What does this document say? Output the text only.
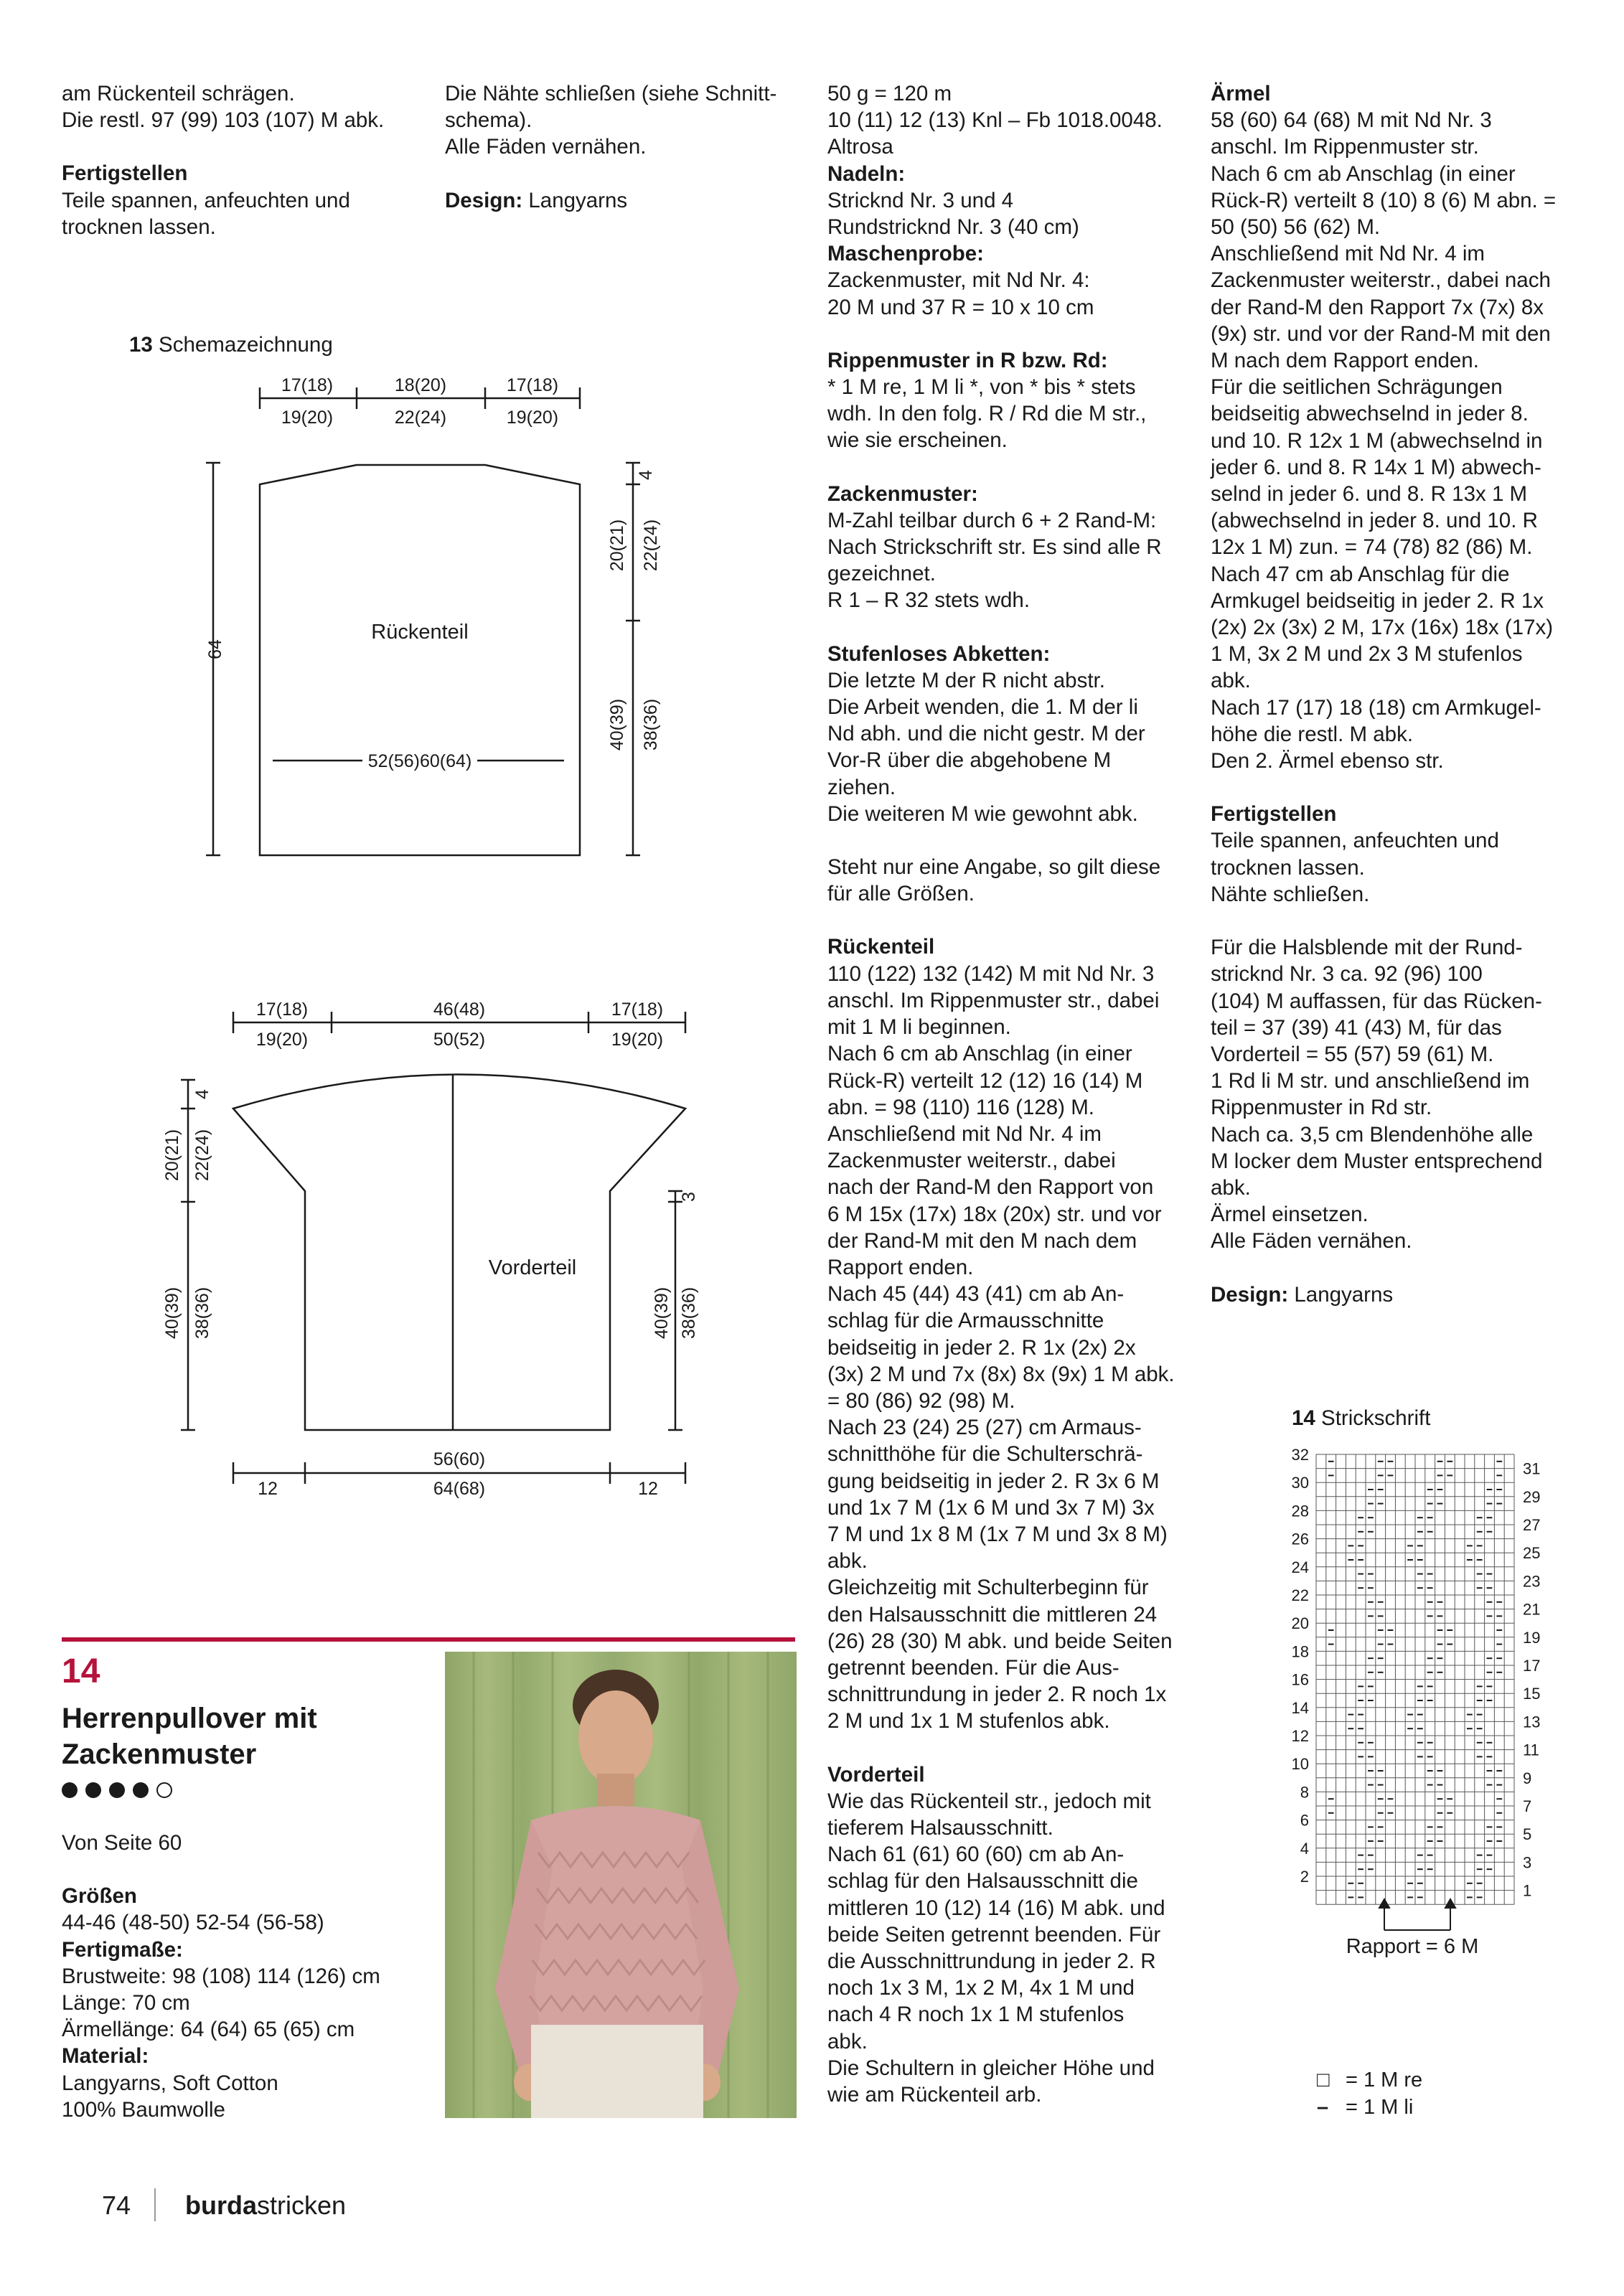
am Rückenteil schrägen.
Die restl. 97 (99) 103 (107) M abk.

Fertigstellen

Teile spannen, anfeuchten und
trocknen lassen.

Die Nähte schließen (siehe Schnitt-
schema).
Alle Fäden vernähen.

Design: Langyarns

50 g = 120 m
10 (11) 12 (13) Knl – Fb 1018.0048.
Altrosa

Nadeln:

Stricknd Nr. 3 und 4
Rundstricknd Nr. 3 (40 cm)

Maschenprobe:

Zackenmuster, mit Nd Nr. 4:
20 M und 37 R = 10 x 10 cm

Rippenmuster in R bzw. Rd:

* 1 M re, 1 M li *, von * bis * stets
wdh. In den folg. R / Rd die M str.,
wie sie erscheinen.

Zackenmuster:

M-Zahl teilbar durch 6 + 2 Rand-M:
Nach Strickschrift str. Es sind alle R
gezeichnet.
R 1 – R 32 stets wdh.

Stufenloses Abketten:

Die letzte M der R nicht abstr.
Die Arbeit wenden, die 1. M der li
Nd abh. und die nicht gestr. M der
Vor-R über die abgehobene M
ziehen.
Die weiteren M wie gewohnt abk.

Steht nur eine Angabe, so gilt diese
für alle Größen.

Rückenteil

110 (122) 132 (142) M mit Nd Nr. 3
anschl. Im Rippenmuster str., dabei
mit 1 M li beginnen.
Nach 6 cm ab Anschlag (in einer
Rück-R) verteilt 12 (12) 16 (14) M
abn. = 98 (110) 116 (128) M.
Anschließend mit Nd Nr. 4 im
Zackenmuster weiterstr., dabei
nach der Rand-M den Rapport von
6 M 15x (17x) 18x (20x) str. und vor
der Rand-M mit den M nach dem
Rapport enden.
Nach 45 (44) 43 (41) cm ab An-
schlag für die Armausschnitte
beidseitig in jeder 2. R 1x (2x) 2x
(3x) 2 M und 7x (8x) 8x (9x) 1 M abk.
= 80 (86) 92 (98) M.
Nach 23 (24) 25 (27) cm Armaus-
schnitthöhe für die Schulterschrä-
gung beidseitig in jeder 2. R 3x 6 M
und 1x 7 M (1x 6 M und 3x 7 M) 3x
7 M und 1x 8 M (1x 7 M und 3x 8 M)
abk.
Gleichzeitig mit Schulterbeginn für
den Halsausschnitt die mittleren 24
(26) 28 (30) M abk. und beide Seiten
getrennt beenden. Für die Aus-
schnittrundung in jeder 2. R noch 1x
2 M und 1x 1 M stufenlos abk.

Vorderteil

Wie das Rückenteil str., jedoch mit
tieferem Halsausschnitt.
Nach 61 (61) 60 (60) cm ab An-
schlag für den Halsausschnitt die
mittleren 10 (12) 14 (16) M abk. und
beide Seiten getrennt beenden. Für
die Ausschnittrundung in jeder 2. R
noch 1x 3 M, 1x 2 M, 4x 1 M und
nach 4 R noch 1x 1 M stufenlos
abk.
Die Schultern in gleicher Höhe und
wie am Rückenteil arb.

Ärmel

58 (60) 64 (68) M mit Nd Nr. 3
anschl. Im Rippenmuster str.
Nach 6 cm ab Anschlag (in einer
Rück-R) verteilt 8 (10) 8 (6) M abn. =
50 (50) 56 (62) M.
Anschließend mit Nd Nr. 4 im
Zackenmuster weiterstr., dabei nach
der Rand-M den Rapport 7x (7x) 8x
(9x) str. und vor der Rand-M mit den
M nach dem Rapport enden.
Für die seitlichen Schrägungen
beidseitig abwechselnd in jeder 8.
und 10. R 12x 1 M (abwechselnd in
jeder 6. und 8. R 14x 1 M) abwech-
selnd in jeder 6. und 8. R 13x 1 M
(abwechselnd in jeder 8. und 10. R
12x 1 M) zun. = 74 (78) 82 (86) M.
Nach 47 cm ab Anschlag für die
Armkugel beidseitig in jeder 2. R 1x
(2x) 2x (3x) 2 M, 17x (16x) 18x (17x)
1 M, 3x 2 M und 2x 3 M stufenlos
abk.
Nach 17 (17) 18 (18) cm Armkugel-
höhe die restl. M abk.
Den 2. Ärmel ebenso str.

Fertigstellen

Teile spannen, anfeuchten und
trocknen lassen.
Nähte schließen.

Für die Halsblende mit der Rund-
stricknd Nr. 3 ca. 92 (96) 100
(104) M auffassen, für das Rücken-
teil = 37 (39) 41 (43) M, für das
Vorderteil = 55 (57) 59 (61) M.
1 Rd li M str. und anschließend im
Rippenmuster in Rd str.
Nach ca. 3,5 cm Blendenhöhe alle
M locker dem Muster entsprechend
abk.
Ärmel einsetzen.
Alle Fäden vernähen.

Design: Langyarns

13 Schemazeichnung
17(18)
19(20)
18(20)
22(24)
17(18)
19(20)
Rückenteil
52(56)60(64)
64
4
20(21) 22(24)
40(39) 38(36)
17(18)
19(20)
46(48)
50(52)
17(18)
19(20)
Vorderteil
4
20(21) 22(24)
40(39) 38(36)
3
40(39) 38(36)
56(60)
64(68)
12	12
14 Strickschrift
32
30
28
26
24
22
20
18
16
14
12
10
8
6
4
2
31
29
27
25
23
21
19
17
15
13
11
9
7
5
3
1
Rapport = 6 M
□ = 1 M re
– = 1 M li
14
Herrenpullover mit
Zackenmuster

Von Seite 60

Größen

44-46 (48-50) 52-54 (56-58)

Fertigmaße:

Brustweite: 98 (108) 114 (126) cm
Länge: 70 cm
Ärmellänge: 64 (64) 65 (65) cm

Material:

Langyarns, Soft Cotton
100% Baumwolle

74 burdastricken
